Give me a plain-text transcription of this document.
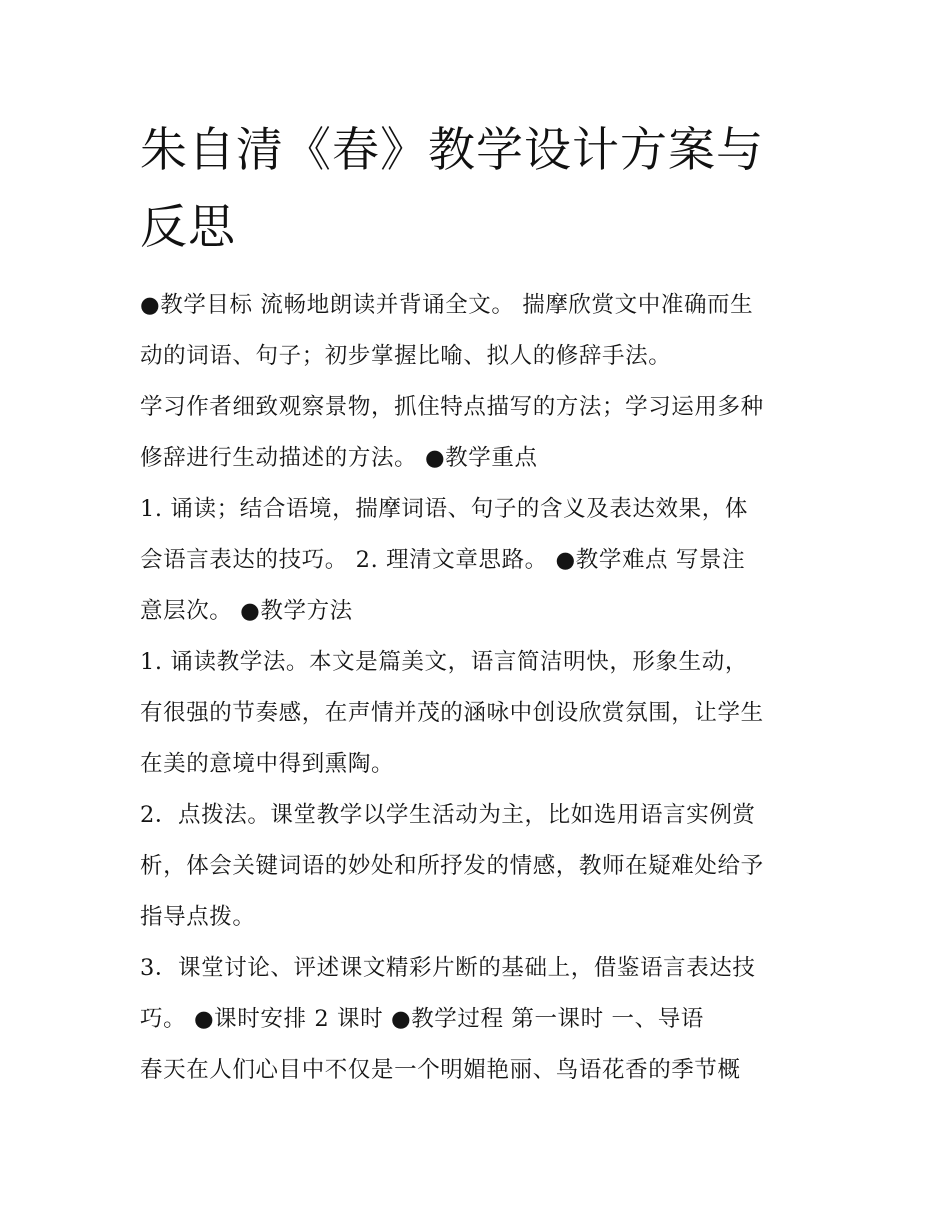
朱自清《春》教学设计方案与
反思
●教学目标 流畅地朗读并背诵全文。 揣摩欣赏文中准确而生
动的词语、句子；初步掌握比喻、拟人的修辞手法。
学习作者细致观察景物，抓住特点描写的方法；学习运用多种
修辞进行生动描述的方法。 ●教学重点
1. 诵读；结合语境，揣摩词语、句子的含义及表达效果，体
会语言表达的技巧。 2. 理清文章思路。 ●教学难点 写景注
意层次。 ●教学方法
1. 诵读教学法。本文是篇美文，语言简洁明快，形象生动，
有很强的节奏感，在声情并茂的涵咏中创设欣赏氛围，让学生
在美的意境中得到熏陶。
2．点拨法。课堂教学以学生活动为主，比如选用语言实例赏
析，体会关键词语的妙处和所抒发的情感，教师在疑难处给予
指导点拨。
3．课堂讨论、评述课文精彩片断的基础上，借鉴语言表达技
巧。 ●课时安排 2 课时 ●教学过程 第一课时 一、导语
春天在人们心目中不仅是一个明媚艳丽、鸟语花香的季节概
